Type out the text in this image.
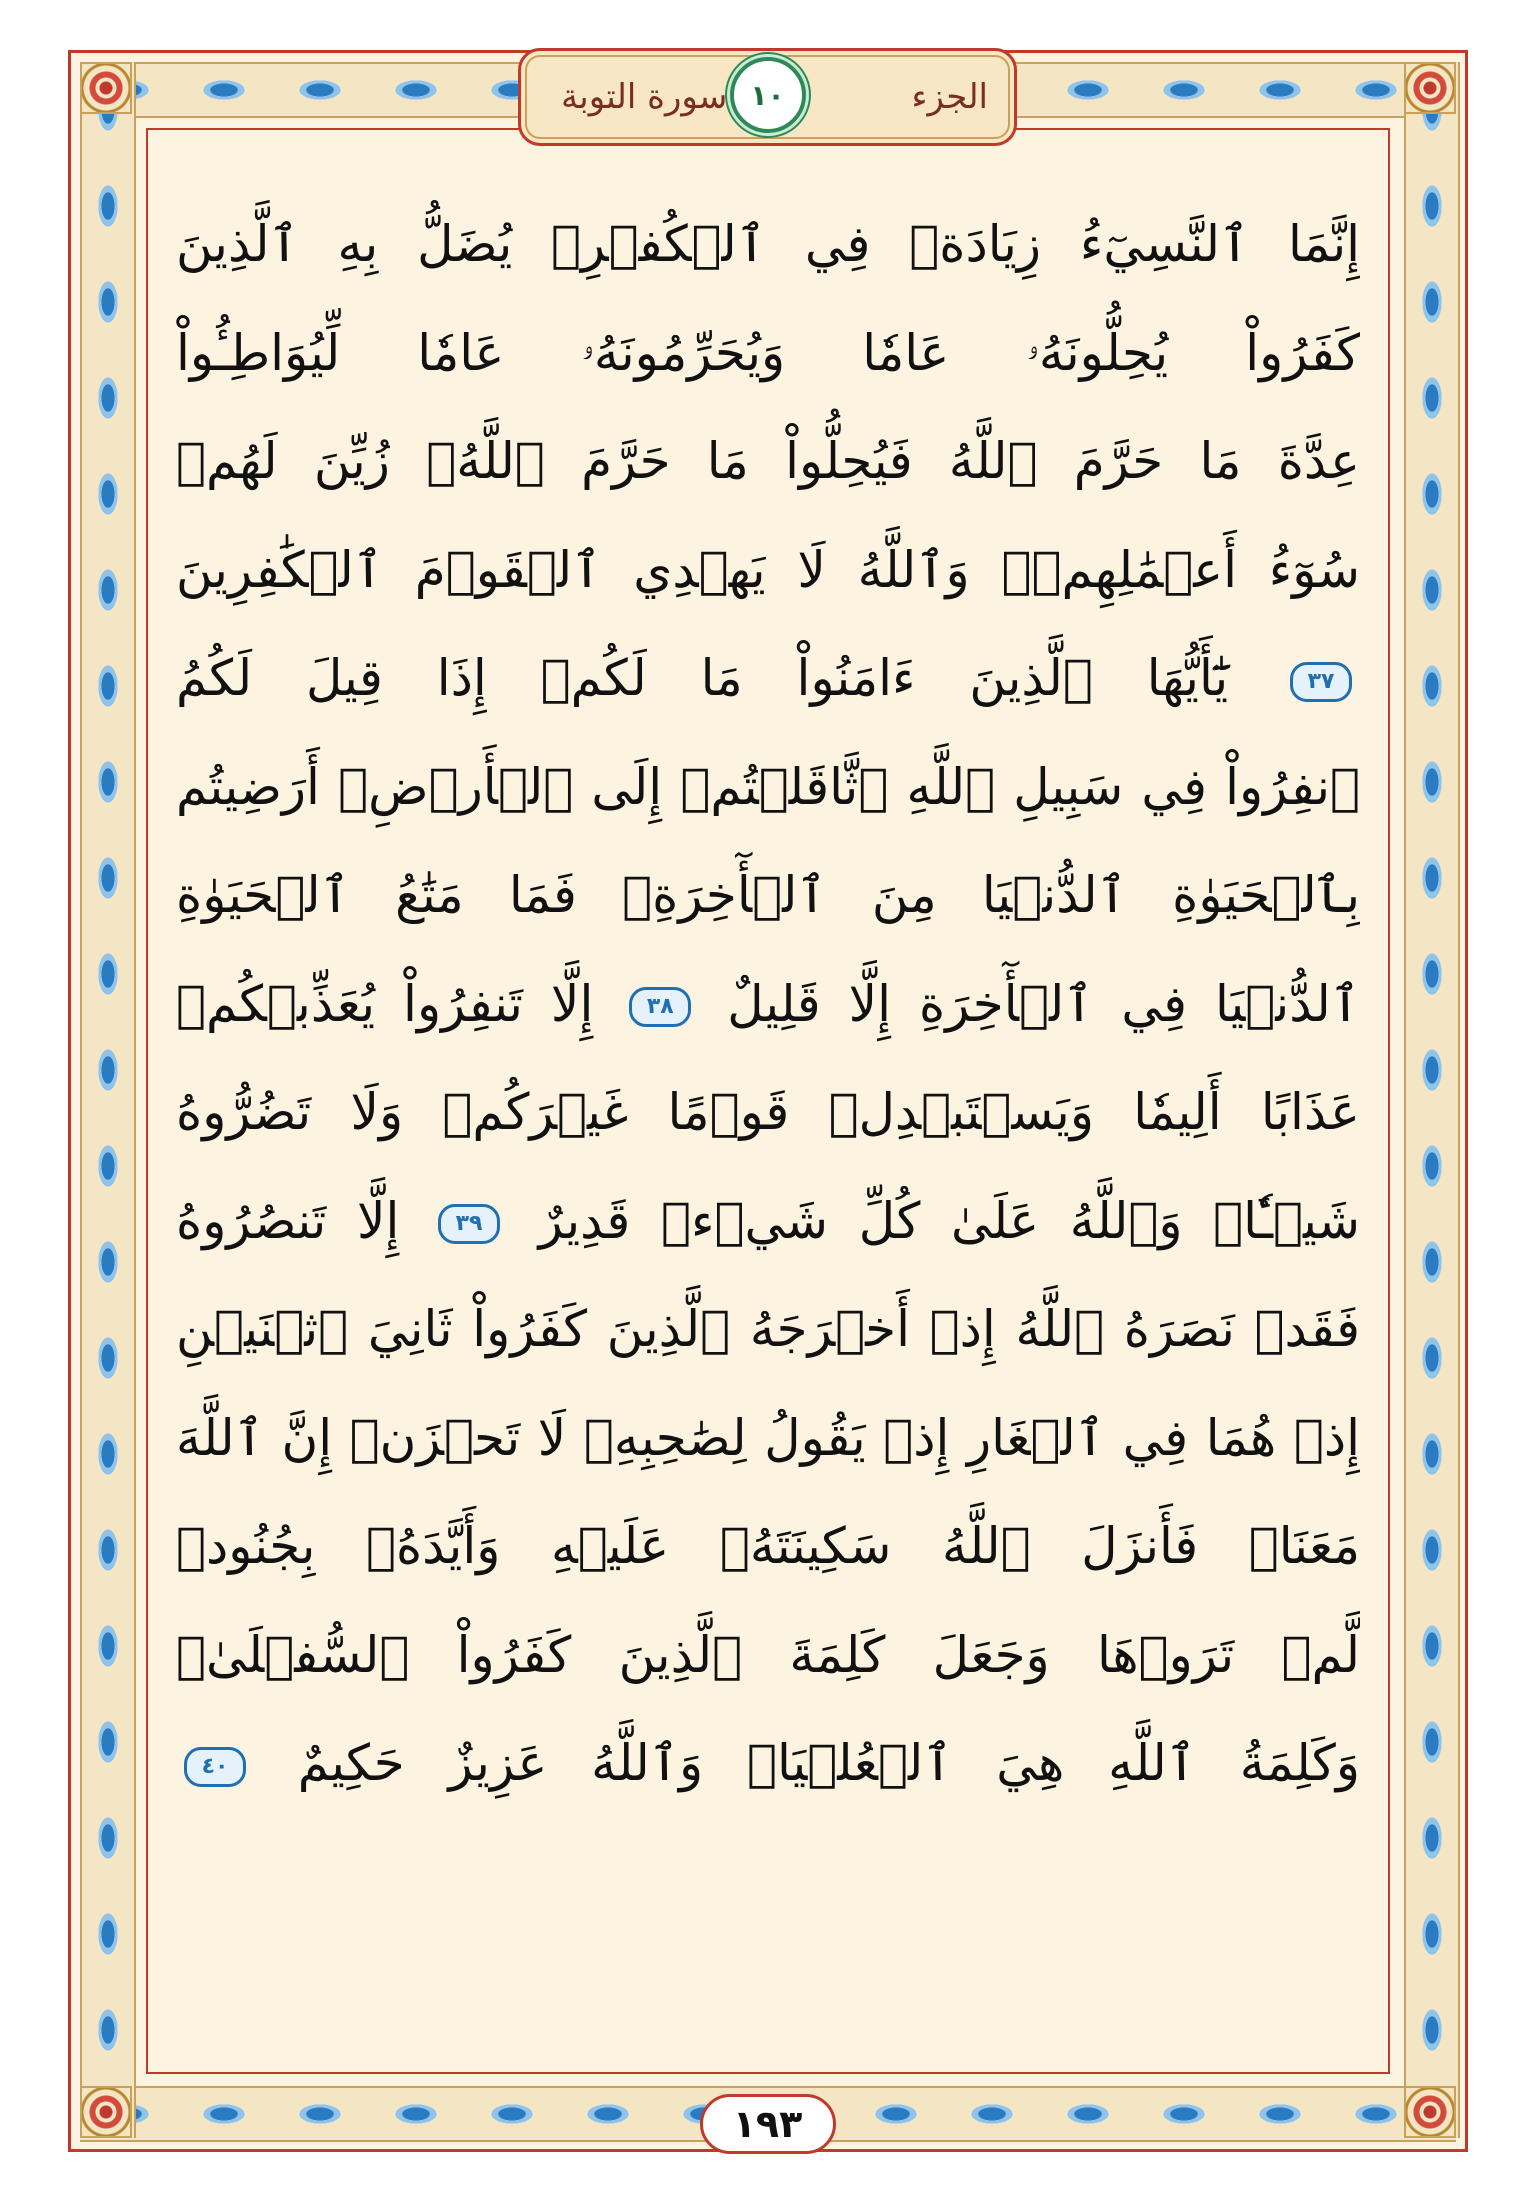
الجزء
١٠
سورة التوبة
إِنَّمَا ٱلنَّسِيٓءُ زِيَادَةٞ فِي ٱلۡكُفۡرِۖ يُضَلُّ بِهِ ٱلَّذِينَ
كَفَرُواْ يُحِلُّونَهُۥ عَامٗا وَيُحَرِّمُونَهُۥ عَامٗا لِّيُوَاطِـُٔواْ
عِدَّةَ مَا حَرَّمَ ٱللَّهُ فَيُحِلُّواْ مَا حَرَّمَ ٱللَّهُۚ زُيِّنَ لَهُمۡ
سُوٓءُ أَعۡمَٰلِهِمۡۗ وَٱللَّهُ لَا يَهۡدِي ٱلۡقَوۡمَ ٱلۡكَٰفِرِينَ
٣٧ يَٰٓأَيُّهَا ٱلَّذِينَ ءَامَنُواْ مَا لَكُمۡ إِذَا قِيلَ لَكُمُ
ٱنفِرُواْ فِي سَبِيلِ ٱللَّهِ ٱثَّاقَلۡتُمۡ إِلَى ٱلۡأَرۡضِۚ أَرَضِيتُم
بِٱلۡحَيَوٰةِ ٱلدُّنۡيَا مِنَ ٱلۡأٓخِرَةِۚ فَمَا مَتَٰعُ ٱلۡحَيَوٰةِ
ٱلدُّنۡيَا فِي ٱلۡأٓخِرَةِ إِلَّا قَلِيلٌ ٣٨ إِلَّا تَنفِرُواْ يُعَذِّبۡكُمۡ
عَذَابًا أَلِيمٗا وَيَسۡتَبۡدِلۡ قَوۡمًا غَيۡرَكُمۡ وَلَا تَضُرُّوهُ
شَيۡـٔٗاۗ وَٱللَّهُ عَلَىٰ كُلِّ شَيۡءٖ قَدِيرٌ ٣٩ إِلَّا تَنصُرُوهُ
فَقَدۡ نَصَرَهُ ٱللَّهُ إِذۡ أَخۡرَجَهُ ٱلَّذِينَ كَفَرُواْ ثَانِيَ ٱثۡنَيۡنِ
إِذۡ هُمَا فِي ٱلۡغَارِ إِذۡ يَقُولُ لِصَٰحِبِهِۦ لَا تَحۡزَنۡ إِنَّ ٱللَّهَ
مَعَنَاۖ فَأَنزَلَ ٱللَّهُ سَكِينَتَهُۥ عَلَيۡهِ وَأَيَّدَهُۥ بِجُنُودٖ
لَّمۡ تَرَوۡهَا وَجَعَلَ كَلِمَةَ ٱلَّذِينَ كَفَرُواْ ٱلسُّفۡلَىٰۗ
وَكَلِمَةُ ٱللَّهِ هِيَ ٱلۡعُلۡيَاۗ وَٱللَّهُ عَزِيزٌ حَكِيمٌ ٤٠
١٩٣
